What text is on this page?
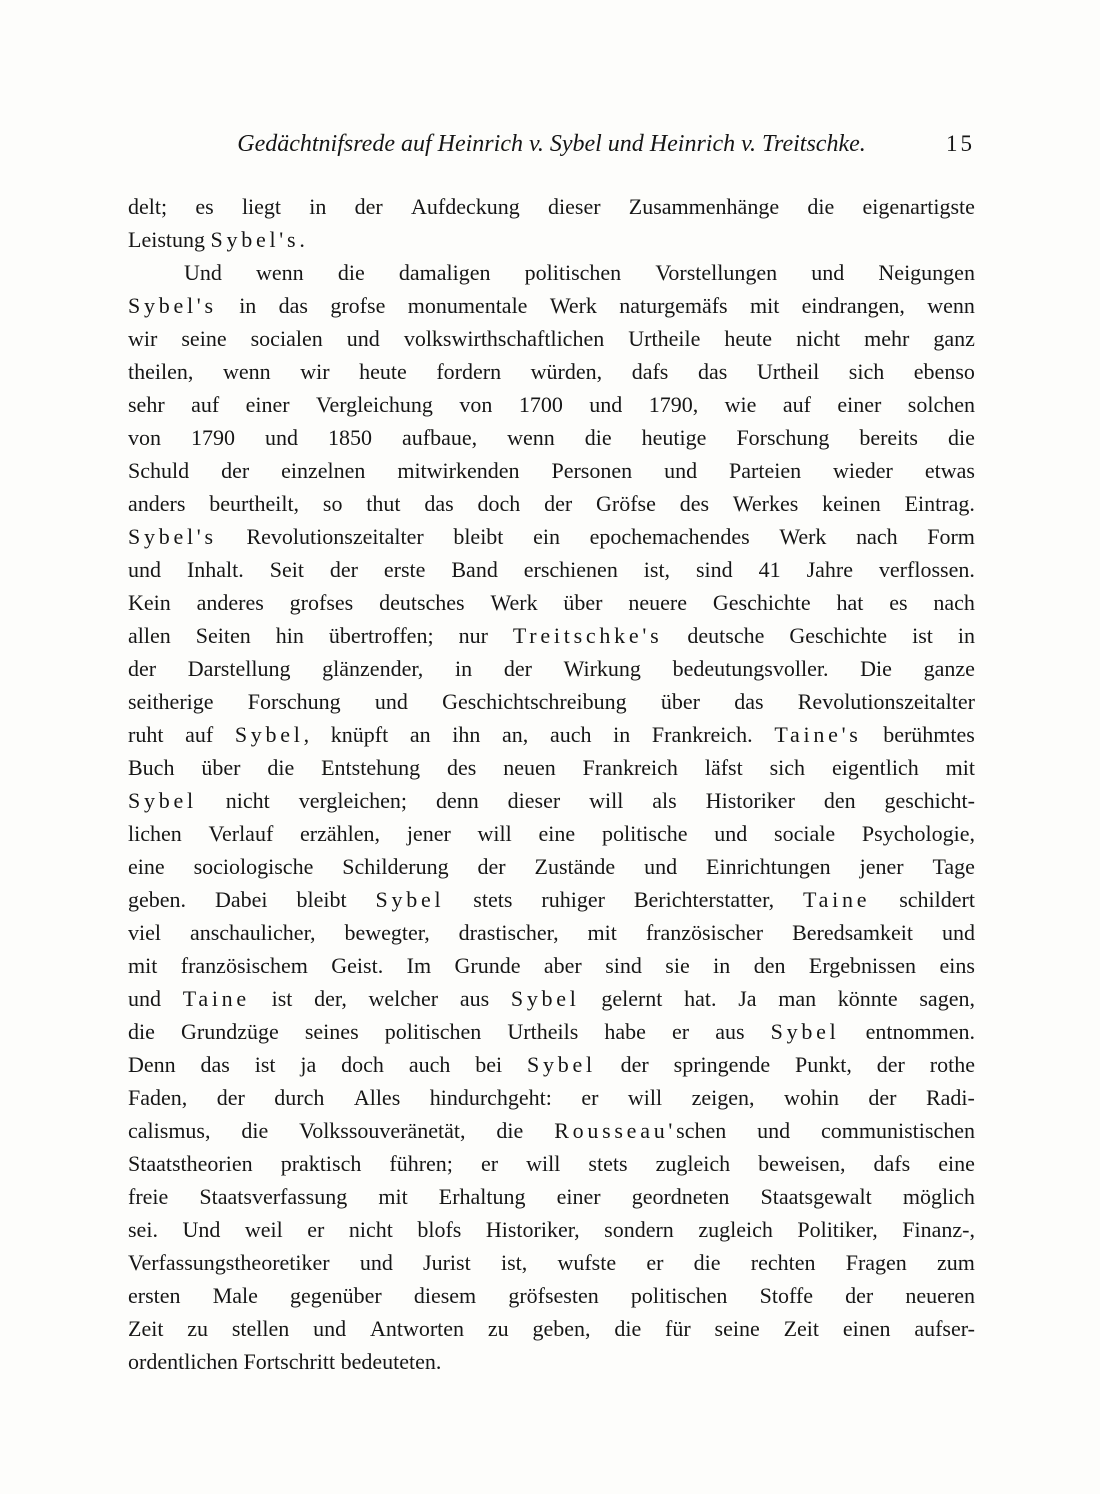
Gedächtnifsrede auf Heinrich v. Sybel und Heinrich v. Treitschke.	15
delt; es liegt in der Aufdeckung dieser Zusammenhänge die eigenartigste
Leistung Sybel's.
Und wenn die damaligen politischen Vorstellungen und Neigungen
Sybel's in das grofse monumentale Werk naturgemäfs mit eindrangen, wenn
wir seine socialen und volkswirthschaftlichen Urtheile heute nicht mehr ganz
theilen, wenn wir heute fordern würden, dafs das Urtheil sich ebenso
sehr auf einer Vergleichung von 1700 und 1790, wie auf einer solchen
von 1790 und 1850 aufbaue, wenn die heutige Forschung bereits die
Schuld der einzelnen mitwirkenden Personen und Parteien wieder etwas
anders beurtheilt, so thut das doch der Gröfse des Werkes keinen Eintrag.
Sybel's Revolutionszeitalter bleibt ein epochemachendes Werk nach Form
und Inhalt. Seit der erste Band erschienen ist, sind 41 Jahre verflossen.
Kein anderes grofses deutsches Werk über neuere Geschichte hat es nach
allen Seiten hin übertroffen; nur Treitschke's deutsche Geschichte ist in
der Darstellung glänzender, in der Wirkung bedeutungsvoller. Die ganze
seitherige Forschung und Geschichtschreibung über das Revolutionszeitalter
ruht auf Sybel, knüpft an ihn an, auch in Frankreich. Taine's berühmtes
Buch über die Entstehung des neuen Frankreich läfst sich eigentlich mit
Sybel nicht vergleichen; denn dieser will als Historiker den geschicht-
lichen Verlauf erzählen, jener will eine politische und sociale Psychologie,
eine sociologische Schilderung der Zustände und Einrichtungen jener Tage
geben. Dabei bleibt Sybel stets ruhiger Berichterstatter, Taine schildert
viel anschaulicher, bewegter, drastischer, mit französischer Beredsamkeit und
mit französischem Geist. Im Grunde aber sind sie in den Ergebnissen eins
und Taine ist der, welcher aus Sybel gelernt hat. Ja man könnte sagen,
die Grundzüge seines politischen Urtheils habe er aus Sybel entnommen.
Denn das ist ja doch auch bei Sybel der springende Punkt, der rothe
Faden, der durch Alles hindurchgeht: er will zeigen, wohin der Radi-
calismus, die Volkssouveränetät, die Rousseau'schen und communistischen
Staatstheorien praktisch führen; er will stets zugleich beweisen, dafs eine
freie Staatsverfassung mit Erhaltung einer geordneten Staatsgewalt möglich
sei. Und weil er nicht blofs Historiker, sondern zugleich Politiker, Finanz-,
Verfassungstheoretiker und Jurist ist, wufste er die rechten Fragen zum
ersten Male gegenüber diesem gröfsesten politischen Stoffe der neueren
Zeit zu stellen und Antworten zu geben, die für seine Zeit einen aufser-
ordentlichen Fortschritt bedeuteten.
